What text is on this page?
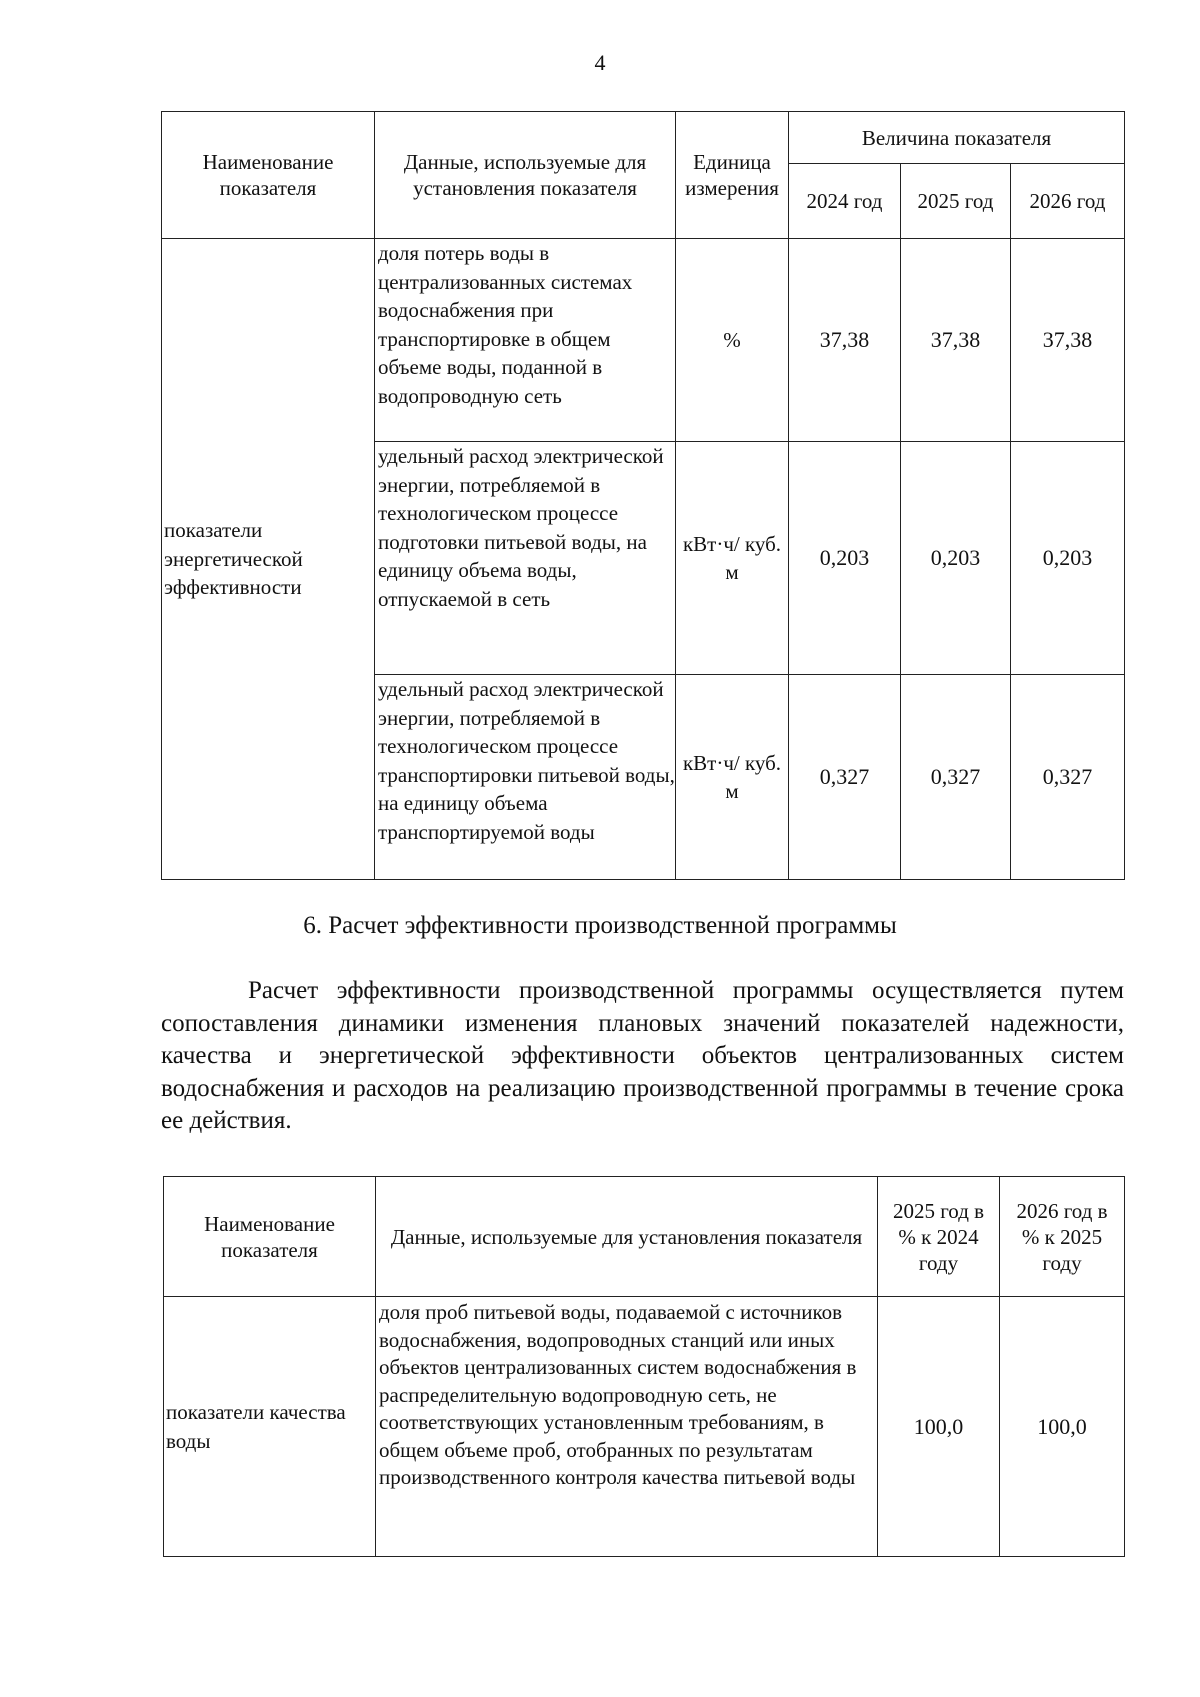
4
Наименование показателя	Данные, используемые для установления показателя	Единица измерения	Величина показателя		
			2024 год	2025 год	2026 год
показатели энергетической эффективности	доля потерь воды в централизованных системах водоснабжения при транспортировке в общем объеме воды, поданной в водопроводную сеть	%	37,38	37,38	37,38
	удельный расход электрической энергии, потребляемой в технологическом процессе подготовки питьевой воды, на единицу объема воды, отпускаемой в сеть	кВт·ч/ куб. м	0,203	0,203	0,203
	удельный расход электрической энергии, потребляемой в технологическом процессе транспортировки питьевой воды, на единицу объема транспортируемой воды	кВт·ч/ куб. м	0,327	0,327	0,327
6. Расчет эффективности производственной программы

Расчет эффективности производственной программы осуществляется путем сопоставления динамики изменения плановых значений показателей надежности, качества и энергетической эффективности объектов централизованных систем водоснабжения и расходов на реализацию производственной программы в течение срока ее действия.

Наименование показателя	Данные, используемые для установления показателя	2025 год в % к 2024 году	2026 год в % к 2025 году
показатели качества воды	доля проб питьевой воды, подаваемой с источников водоснабжения, водопроводных станций или иных объектов централизованных систем водоснабжения в распределительную водопроводную сеть, не соответствующих установленным требованиям, в общем объеме проб, отобранных по результатам производственного контроля качества питьевой воды	100,0	100,0
